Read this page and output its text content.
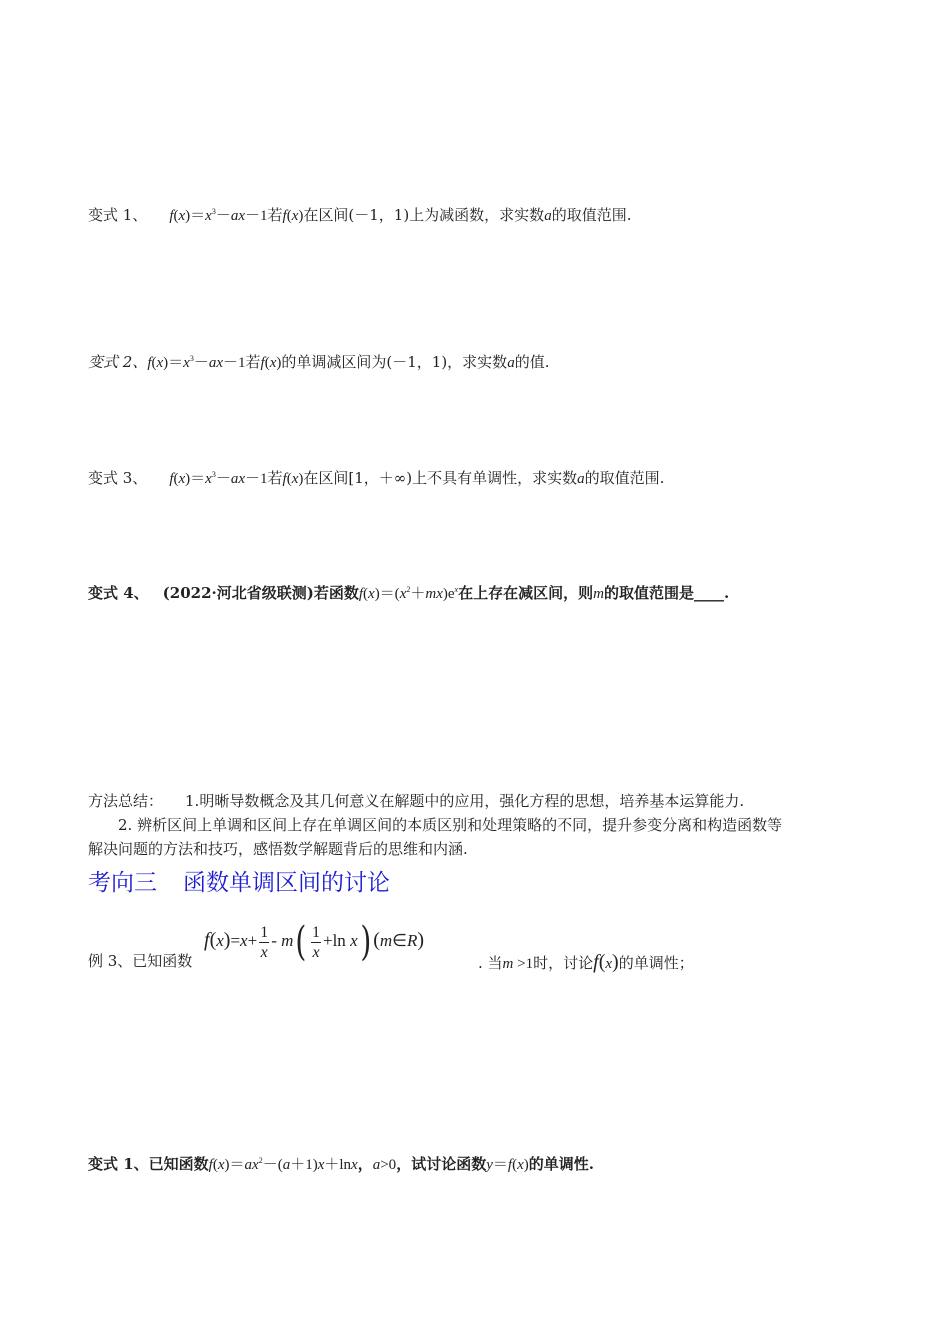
变式 1、 $f(x)=x^3-ax-1$若f(x)在区间(－1，1)上为减函数，求实数a的取值范围.
变式 2、$f(x)=x^3-ax-1$若f(x)的单调减区间为(－1，1)，求实数a的值.
变式 3、 $f(x)=x^3-ax-1$若f(x)在区间[1，＋∞)上不具有单调性，求实数a的取值范围.
变式 4、 (2022·河北省级联测)若函数$f(x)=(x^2+mx)e^x$在上存在减区间，则m的取值范围是____.
方法总结： 1.明晰导数概念及其几何意义在解题中的应用，强化方程的思想，培养基本运算能力.
2. 辨析区间上单调和区间上存在单调区间的本质区别和处理策略的不同，提升参变分离和构造函数等
解决问题的方法和技巧，感悟数学解题背后的思维和内涵.
考向三 函数单调区间的讨论
例 3、已知函数
$f(x)=x+ \frac{1}{x} - m( \frac{1}{x} +\ln$ x) (m∈R)
. 当m >1时，讨论f(x)的单调性；
变式 1、已知函数$f(x)=ax^2-(a+1)x+\ln x$，a>0，试讨论函数y＝f(x)的单调性.
